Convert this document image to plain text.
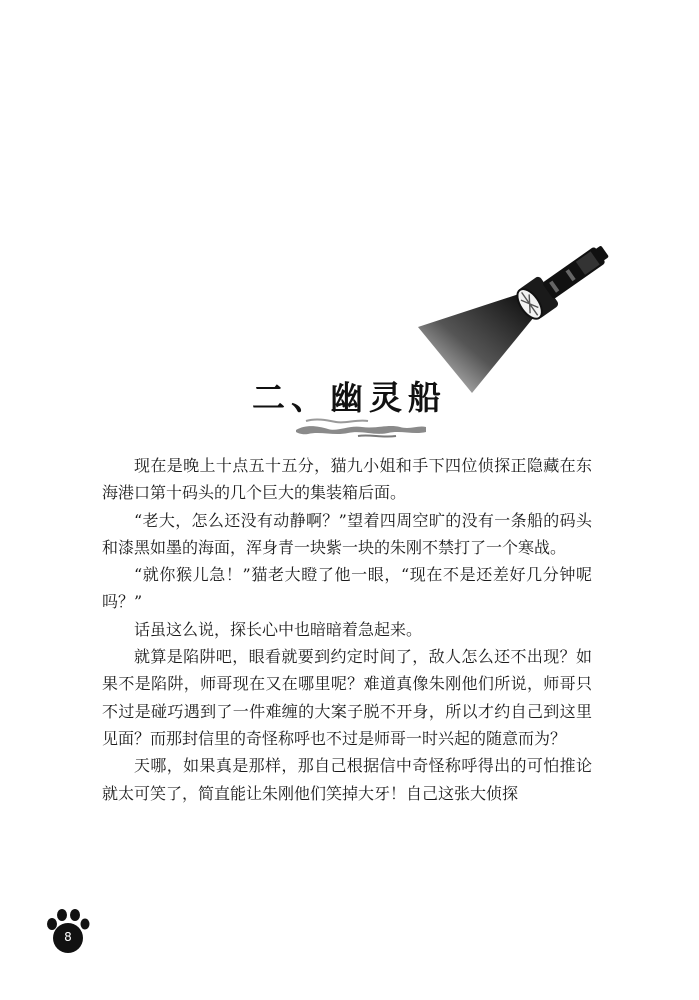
二、幽灵船

现在是晚上十点五十五分，猫九小姐和手下四位侦探正隐藏在东海港口第十码头的几个巨大的集装箱后面。

“老大，怎么还没有动静啊？”望着四周空旷的没有一条船的码头和漆黑如墨的海面，浑身青一块紫一块的朱刚不禁打了一个寒战。

“就你猴儿急！”猫老大瞪了他一眼，“现在不是还差好几分钟呢吗？”

话虽这么说，探长心中也暗暗着急起来。

就算是陷阱吧，眼看就要到约定时间了，敌人怎么还不出现？如果不是陷阱，师哥现在又在哪里呢？难道真像朱刚他们所说，师哥只不过是碰巧遇到了一件难缠的大案子脱不开身，所以才约自己到这里见面？而那封信里的奇怪称呼也不过是师哥一时兴起的随意而为？

天哪，如果真是那样，那自己根据信中奇怪称呼得出的可怕推论就太可笑了，简直能让朱刚他们笑掉大牙！自己这张大侦探

8
